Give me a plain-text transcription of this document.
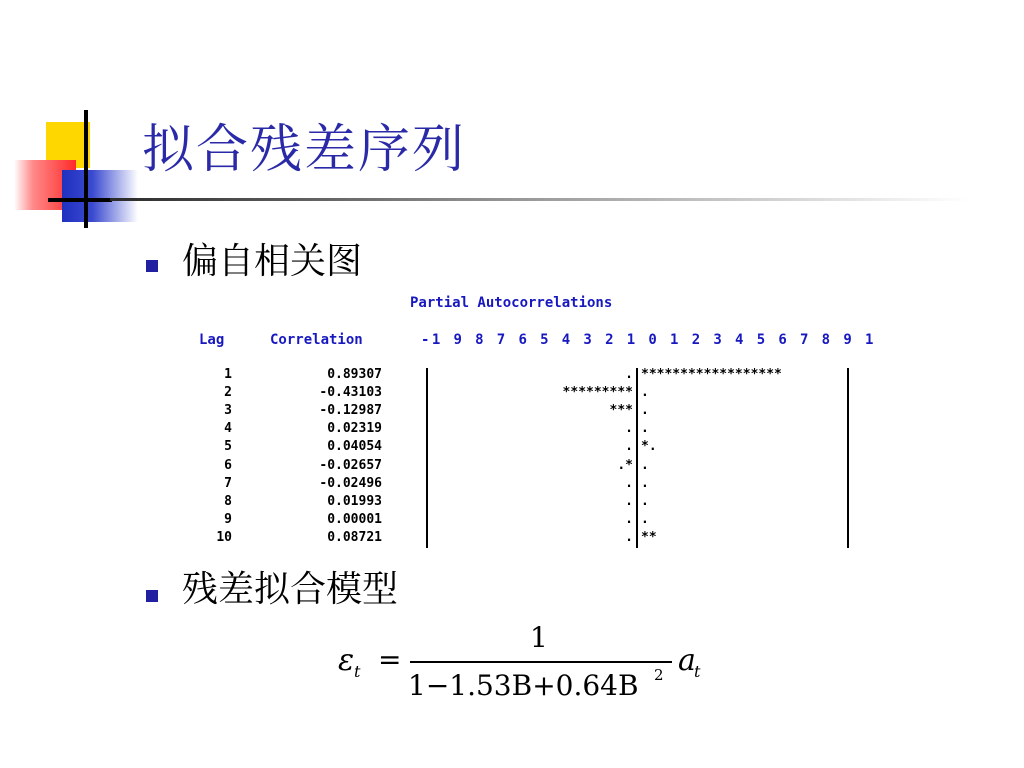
拟合残差序列
偏自相关图
Partial Autocorrelations
Lag	Correlation	-1 9 8 7 6 5 4 3 2 1 0 1 2 3 4 5 6 7 8 9 1
1	0.89307	. ******************
2	-0.43103	********* .
3	-0.12987	*** .
4	0.02319	. .
5	0.04054	. *.
6	-0.02657	.* .
7	-0.02496	. .
8	0.01993	. .
9	0.00001	. .
10	0.08721	. **
残差拟合模型
ε t =
1
1−1.53B+0.64B 2 a
t
